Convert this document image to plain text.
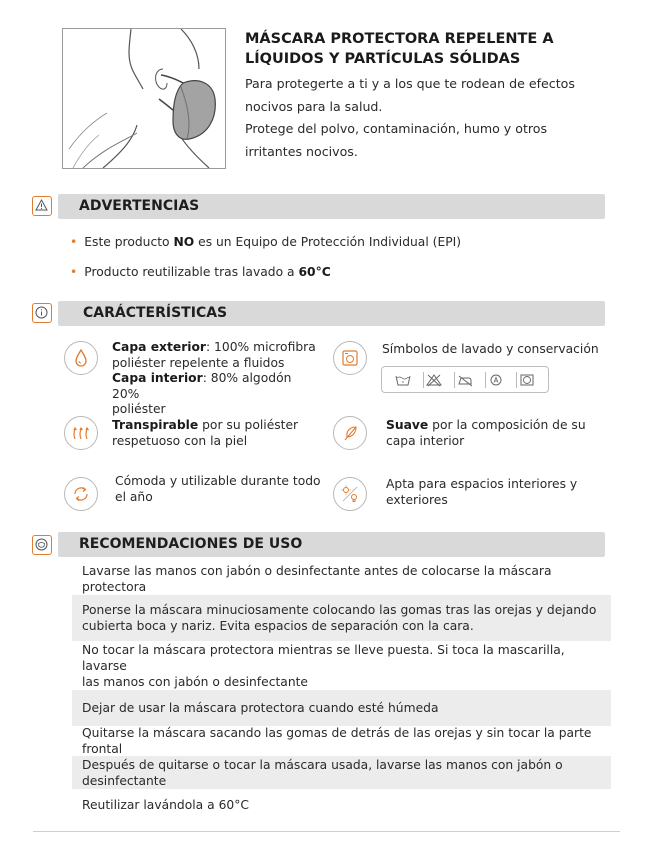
MÁSCARA PROTECTORA REPELENTE A
LÍQUIDOS Y PARTÍCULAS SÓLIDAS
Para protegerte a ti y a los que te rodean de efectos
nocivos para la salud.
Protege del polvo, contaminación, humo y otros
irritantes nocivos.
ADVERTENCIAS
• Este producto NO es un Equipo de Protección Individual (EPI)
• Producto reutilizable tras lavado a 60°C
CARÁCTERÍSTICAS
Capa exterior: 100% microfibra
poliéster repelente a fluidos
Capa interior: 80% algodón 20%
poliéster
Símbolos de lavado y conservación
Transpirable por su poliéster
respetuoso con la piel
Suave por la composición de su
capa interior
Cómoda y utilizable durante todo
el año
Apta para espacios interiores y
exteriores
RECOMENDACIONES DE USO
Lavarse las manos con jabón o desinfectante antes de colocarse la máscara protectora
Ponerse la máscara minuciosamente colocando las gomas tras las orejas y dejando
cubierta boca y nariz. Evita espacios de separación con la cara.
No tocar la máscara protectora mientras se lleve puesta. Si toca la mascarilla, lavarse
las manos con jabón o desinfectante
Dejar de usar la máscara protectora cuando esté húmeda
Quitarse la máscara sacando las gomas de detrás de las orejas y sin tocar la parte frontal
Después de quitarse o tocar la máscara usada, lavarse las manos con jabón o desinfectante
Reutilizar lavándola a 60°C
